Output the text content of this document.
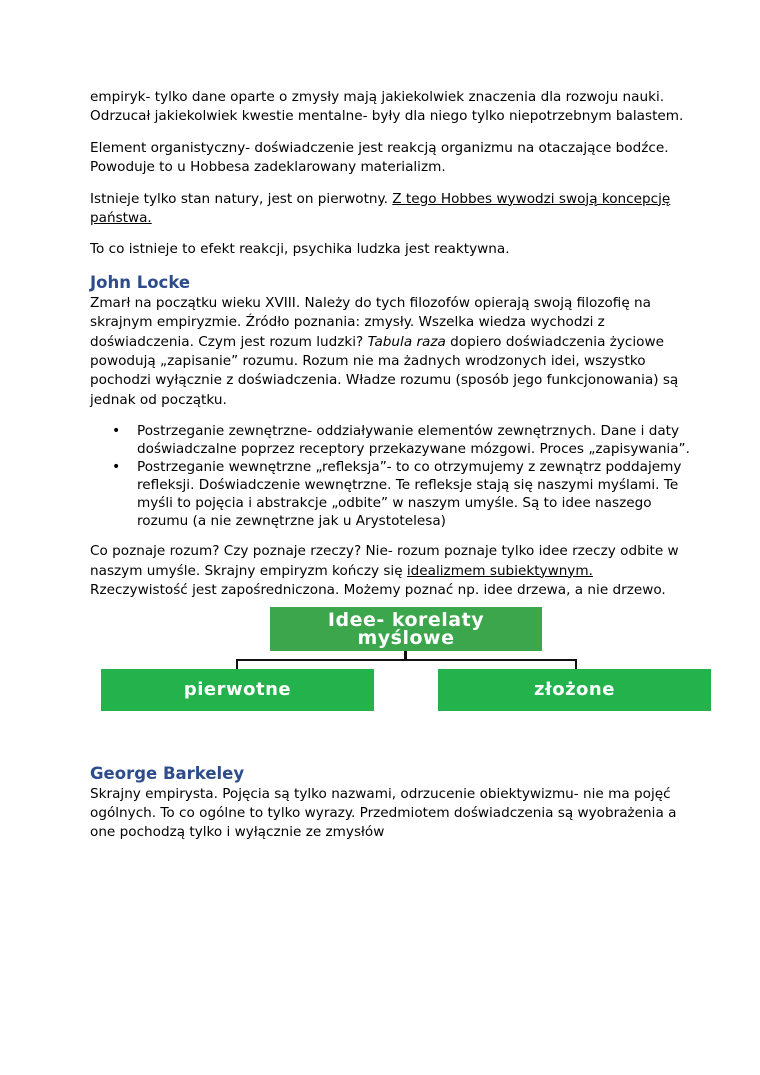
empiryk- tylko dane oparte o zmysły mają jakiekolwiek znaczenia dla rozwoju nauki. Odrzucał jakiekolwiek kwestie mentalne- były dla niego tylko niepotrzebnym balastem.

Element organistyczny- doświadczenie jest reakcją organizmu na otaczające bodźce. Powoduje to u Hobbesa zadeklarowany materializm.

Istnieje tylko stan natury, jest on pierwotny. Z tego Hobbes wywodzi swoją koncepcję państwa.

To co istnieje to efekt reakcji, psychika ludzka jest reaktywna.

John Locke

Zmarł na początku wieku XVIII. Należy do tych filozofów opierają swoją filozofię na skrajnym empiryzmie. Źródło poznania: zmysły. Wszelka wiedza wychodzi z doświadczenia. Czym jest rozum ludzki? Tabula raza dopiero doświadczenia życiowe powodują „zapisanie” rozumu. Rozum nie ma żadnych wrodzonych idei, wszystko pochodzi wyłącznie z doświadczenia. Władze rozumu (sposób jego funkcjonowania) są jednak od początku.

• Postrzeganie zewnętrzne- oddziaływanie elementów zewnętrznych. Dane i daty doświadczalne poprzez receptory przekazywane mózgowi. Proces „zapisywania”.
• Postrzeganie wewnętrzne „refleksja”- to co otrzymujemy z zewnątrz poddajemy refleksji. Doświadczenie wewnętrzne. Te refleksje stają się naszymi myślami. Te myśli to pojęcia i abstrakcje „odbite” w naszym umyśle. Są to idee naszego rozumu (a nie zewnętrzne jak u Arystotelesa)

Co poznaje rozum? Czy poznaje rzeczy? Nie- rozum poznaje tylko idee rzeczy odbite w naszym umyśle. Skrajny empiryzm kończy się idealizmem subiektywnym. Rzeczywistość jest zapośredniczona. Możemy poznać np. idee drzewa, a nie drzewo.

Idee- korelaty
myślowe
pierwotne	złożone
George Barkeley

Skrajny empirysta. Pojęcia są tylko nazwami, odrzucenie obiektywizmu- nie ma pojęć ogólnych. To co ogólne to tylko wyrazy. Przedmiotem doświadczenia są wyobrażenia a one pochodzą tylko i wyłącznie ze zmysłów
